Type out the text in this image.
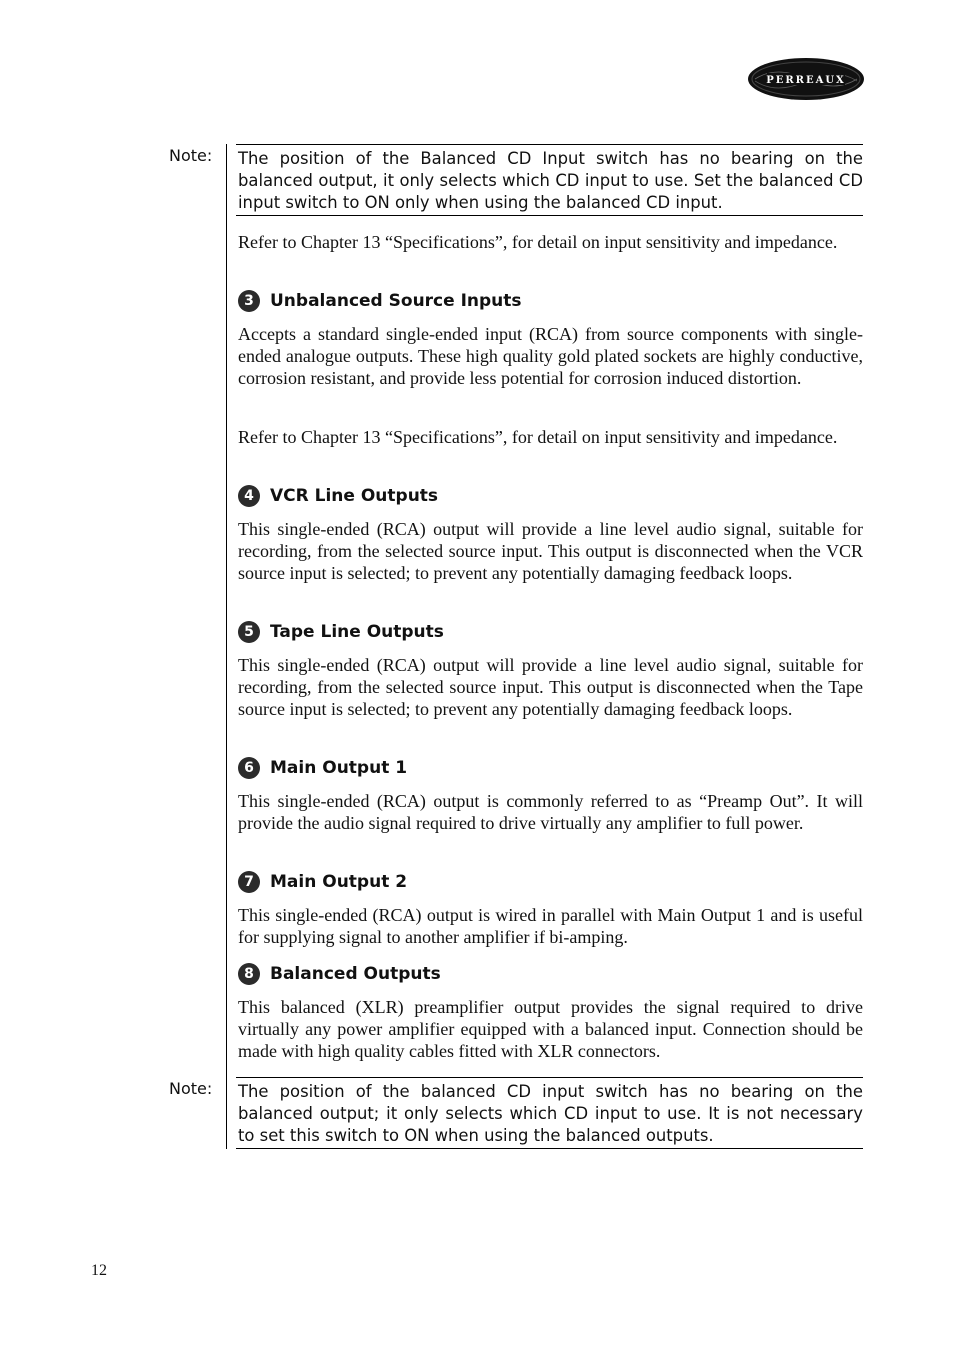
PERREAUX
Note: The position of the Balanced CD Input switch has no bearing on the balanced output, it only selects which CD input to use. Set the balanced CD input switch to ON only when using the balanced CD input.
Refer to Chapter 13 “Specifications”, for detail on input sensitivity and impedance.
3 Unbalanced Source Inputs
Accepts a standard single-ended input (RCA) from source components with single-ended analogue outputs. These high quality gold plated sockets are highly conductive, corrosion resistant, and provide less potential for corrosion induced distortion.
Refer to Chapter 13 “Specifications”, for detail on input sensitivity and impedance.
4 VCR Line Outputs
This single-ended (RCA) output will provide a line level audio signal, suitable for recording, from the selected source input. This output is disconnected when the VCR source input is selected; to prevent any potentially damaging feedback loops.
5 Tape Line Outputs
This single-ended (RCA) output will provide a line level audio signal, suitable for recording, from the selected source input. This output is disconnected when the Tape source input is selected; to prevent any potentially damaging feedback loops.
6 Main Output 1
This single-ended (RCA) output is commonly referred to as “Preamp Out”. It will provide the audio signal required to drive virtually any amplifier to full power.
7 Main Output 2
This single-ended (RCA) output is wired in parallel with Main Output 1 and is useful for supplying signal to another amplifier if bi-amping.
8 Balanced Outputs
This balanced (XLR) preamplifier output provides the signal required to drive virtually any power amplifier equipped with a balanced input. Connection should be made with high quality cables fitted with XLR connectors.
Note: The position of the balanced CD input switch has no bearing on the balanced output; it only selects which CD input to use. It is not necessary to set this switch to ON when using the balanced outputs.
12
